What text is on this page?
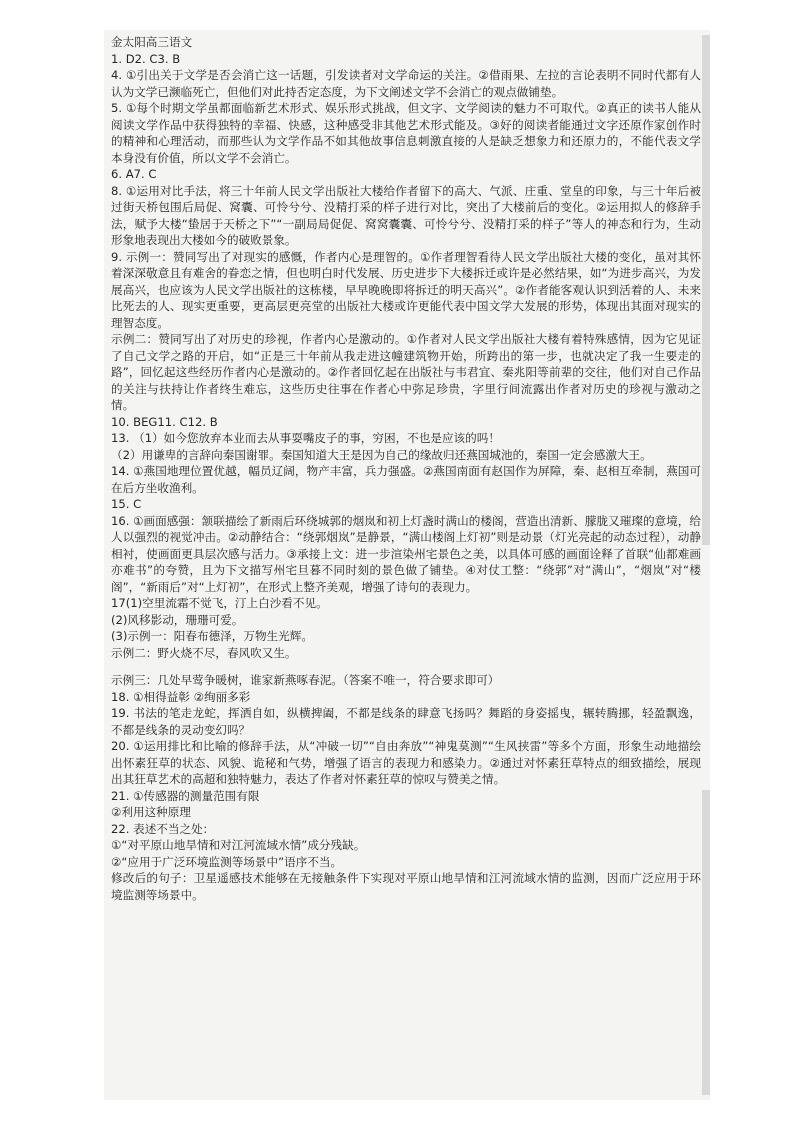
金太阳高三语文

1. D2. C3. B

4. ①引出关于文学是否会消亡这一话题，引发读者对文学命运的关注。②借雨果、左拉的言论表明不同时代都有人认为文学已濒临死亡，但他们对此持否定态度，为下文阐述文学不会消亡的观点做铺垫。

5. ①每个时期文学虽都面临新艺术形式、娱乐形式挑战，但文字、文学阅读的魅力不可取代。②真正的读书人能从阅读文学作品中获得独特的幸福、快感，这种感受非其他艺术形式能及。③好的阅读者能通过文字还原作家创作时的精神和心理活动，而那些认为文学作品不如其他故事信息刺激直接的人是缺乏想象力和还原力的，不能代表文学本身没有价值，所以文学不会消亡。

6. A7. C

8. ①运用对比手法，将三十年前人民文学出版社大楼给作者留下的高大、气派、庄重、堂皇的印象，与三十年后被过街天桥包围后局促、窝囊、可怜兮兮、没精打采的样子进行对比，突出了大楼前后的变化。②运用拟人的修辞手法，赋予大楼“蛰居于天桥之下”“一副局局促促、窝窝囊囊、可怜兮兮、没精打采的样子”等人的神态和行为，生动形象地表现出大楼如今的破败景象。

9. 示例一：赞同写出了对现实的感慨，作者内心是理智的。①作者理智看待人民文学出版社大楼的变化，虽对其怀着深深敬意且有难舍的眷恋之情，但也明白时代发展、历史进步下大楼拆迁或许是必然结果，如“为进步高兴，为发展高兴，也应该为人民文学出版社的这栋楼，早早晚晚即将拆迁的明天高兴”。②作者能客观认识到活着的人、未来比死去的人、现实更重要，更高层更亮堂的出版社大楼或许更能代表中国文学大发展的形势，体现出其面对现实的理智态度。

示例二：赞同写出了对历史的珍视，作者内心是激动的。①作者对人民文学出版社大楼有着特殊感情，因为它见证了自己文学之路的开启，如“正是三十年前从我走进这幢建筑物开始，所跨出的第一步，也就决定了我一生要走的路”，回忆起这些经历作者内心是激动的。②作者回忆起在出版社与韦君宜、秦兆阳等前辈的交往，他们对自己作品的关注与扶持让作者终生难忘，这些历史往事在作者心中弥足珍贵，字里行间流露出作者对历史的珍视与激动之情。

10. BEG11. C12. B

13. （1）如今您放弃本业而去从事耍嘴皮子的事，穷困，不也是应该的吗！

（2）用谦卑的言辞向秦国谢罪。秦国知道大王是因为自己的缘故归还燕国城池的，秦国一定会感激大王。

14. ①燕国地理位置优越，幅员辽阔，物产丰富，兵力强盛。②燕国南面有赵国作为屏障，秦、赵相互牵制，燕国可在后方坐收渔利。

15. C

16. ①画面感强：颔联描绘了新雨后环绕城郭的烟岚和初上灯盏时满山的楼阁，营造出清新、朦胧又璀璨的意境，给人以强烈的视觉冲击。②动静结合：“绕郭烟岚”是静景，“满山楼阁上灯初”则是动景（灯光亮起的动态过程），动静相衬，使画面更具层次感与活力。③承接上文：进一步渲染州宅景色之美，以具体可感的画面诠释了首联“仙都难画亦难书”的夸赞，且为下文描写州宅旦暮不同时刻的景色做了铺垫。④对仗工整：“绕郭”对“满山”，“烟岚”对“楼阁”，“新雨后”对“上灯初”，在形式上整齐美观，增强了诗句的表现力。

17(1)空里流霜不觉飞，汀上白沙看不见。

(2)风移影动，珊珊可爱。

(3)示例一：阳春布德泽，万物生光辉。

示例二：野火烧不尽，春风吹又生。

示例三：几处早莺争暖树，谁家新燕啄春泥。（答案不唯一，符合要求即可）

18. ①相得益彰 ②绚丽多彩

19. 书法的笔走龙蛇，挥洒自如，纵横捭阖，不都是线条的肆意飞扬吗？舞蹈的身姿摇曳，辗转腾挪，轻盈飘逸，不都是线条的灵动变幻吗？

20. ①运用排比和比喻的修辞手法，从“冲破一切”“自由奔放”“神鬼莫测”“生风挟雷”等多个方面，形象生动地描绘出怀素狂草的状态、风貌、诡秘和气势，增强了语言的表现力和感染力。②通过对怀素狂草特点的细致描绘，展现出其狂草艺术的高超和独特魅力，表达了作者对怀素狂草的惊叹与赞美之情。

21. ①传感器的测量范围有限

②利用这种原理

22. 表述不当之处：

①“对平原山地旱情和对江河流域水情”成分残缺。

②“应用于广泛环境监测等场景中”语序不当。

修改后的句子：卫星遥感技术能够在无接触条件下实现对平原山地旱情和江河流域水情的监测，因而广泛应用于环境监测等场景中。
